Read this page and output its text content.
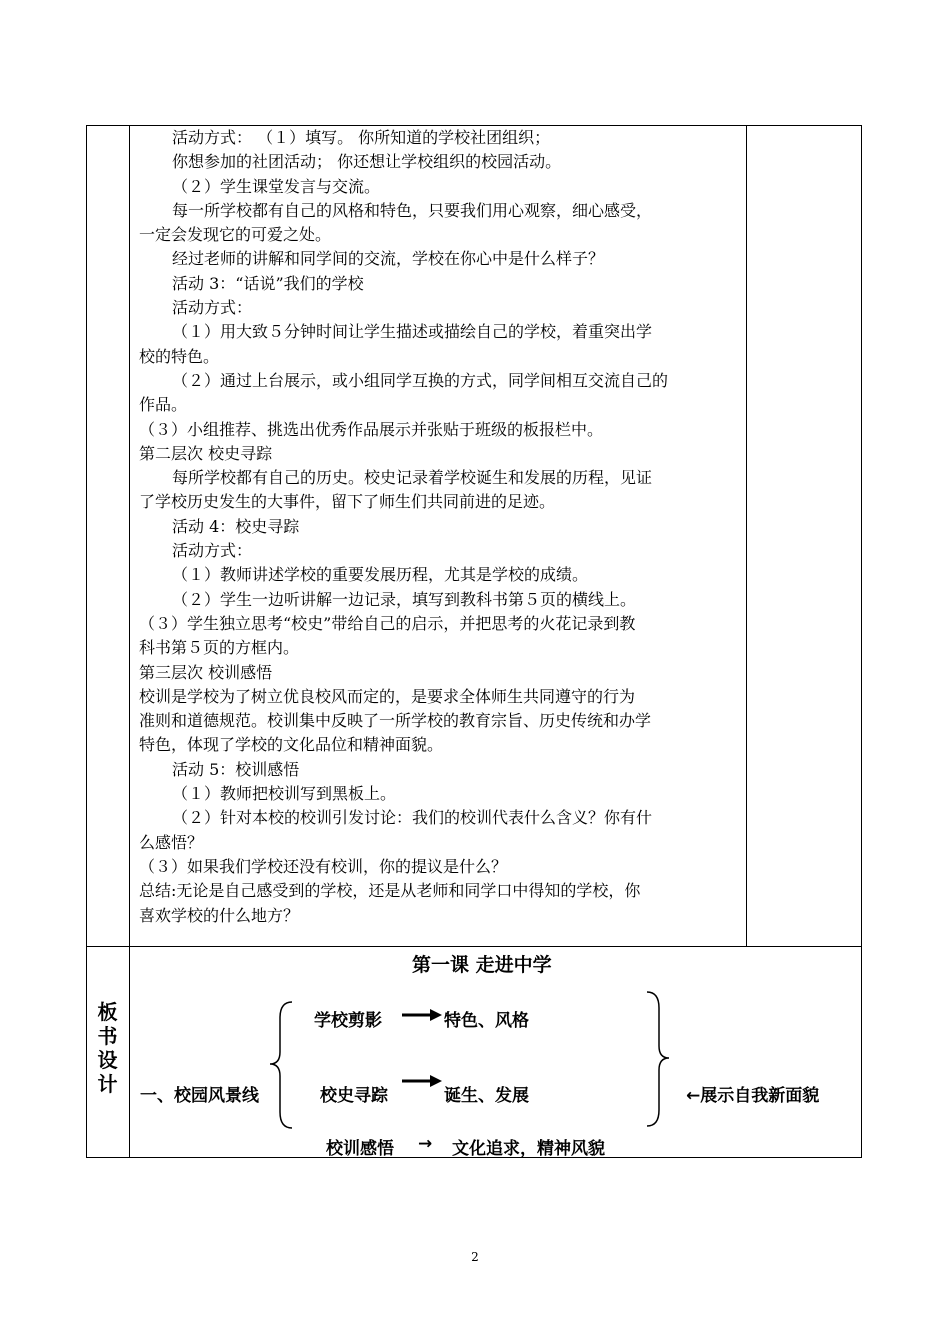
活动方式： （１）填写。 你所知道的学校社团组织；
你想参加的社团活动； 你还想让学校组织的校园活动。
（２）学生课堂发言与交流。
每一所学校都有自己的风格和特色，只要我们用心观察，细心感受，
一定会发现它的可爱之处。
经过老师的讲解和同学间的交流，学校在你心中是什么样子？
活动 3：“话说”我们的学校
活动方式：
（１）用大致５分钟时间让学生描述或描绘自己的学校，着重突出学
校的特色。
（２）通过上台展示，或小组同学互换的方式，同学间相互交流自己的
作品。
（３）小组推荐、挑选出优秀作品展示并张贴于班级的板报栏中。
第二层次 校史寻踪
每所学校都有自己的历史。校史记录着学校诞生和发展的历程，见证
了学校历史发生的大事件，留下了师生们共同前进的足迹。
活动 4：校史寻踪
活动方式：
（１）教师讲述学校的重要发展历程，尤其是学校的成绩。
（２）学生一边听讲解一边记录，填写到教科书第５页的横线上。
（３）学生独立思考“校史”带给自己的启示，并把思考的火花记录到教
科书第５页的方框内。
第三层次 校训感悟
校训是学校为了树立优良校风而定的，是要求全体师生共同遵守的行为
准则和道德规范。校训集中反映了一所学校的教育宗旨、历史传统和办学
特色，体现了学校的文化品位和精神面貌。
活动 5：校训感悟
（１）教师把校训写到黑板上。
（２）针对本校的校训引发讨论：我们的校训代表什么含义？你有什
么感悟？
（３）如果我们学校还没有校训，你的提议是什么？
总结:无论是自己感受到的学校，还是从老师和同学口中得知的学校，你
喜欢学校的什么地方？
板
书
设
计
第一课 走进中学
学校剪影	特色、风格
一、校园风景线	校史寻踪	诞生、发展	←展示自我新面貌
校训感悟 → 文化追求，精神风貌
2
